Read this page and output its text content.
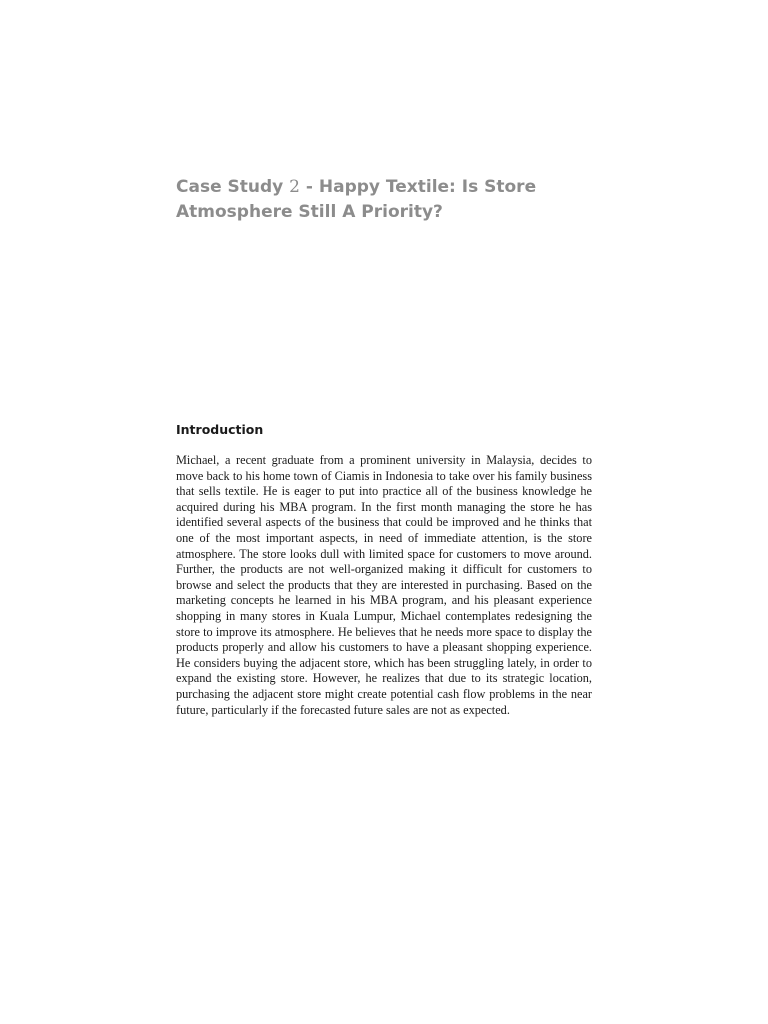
Case Study 2 - Happy Textile: Is Store Atmosphere Still A Priority?
Introduction

Michael, a recent graduate from a prominent university in Malaysia, decides to move back to his home town of Ciamis in Indonesia to take over his family business that sells textile. He is eager to put into practice all of the business knowledge he acquired during his MBA program. In the first month managing the store he has identified several aspects of the business that could be improved and he thinks that one of the most important aspects, in need of immediate attention, is the store atmosphere. The store looks dull with limited space for customers to move around. Further, the products are not well-organized making it difficult for customers to browse and select the products that they are interested in purchasing. Based on the marketing concepts he learned in his MBA program, and his pleasant experience shopping in many stores in Kuala Lumpur, Michael contemplates redesigning the store to improve its atmosphere. He believes that he needs more space to display the products properly and allow his customers to have a pleasant shopping experience. He considers buying the adjacent store, which has been struggling lately, in order to expand the existing store. However, he realizes that due to its strategic location, purchasing the adjacent store might create potential cash flow problems in the near future, particularly if the forecasted future sales are not as expected.
